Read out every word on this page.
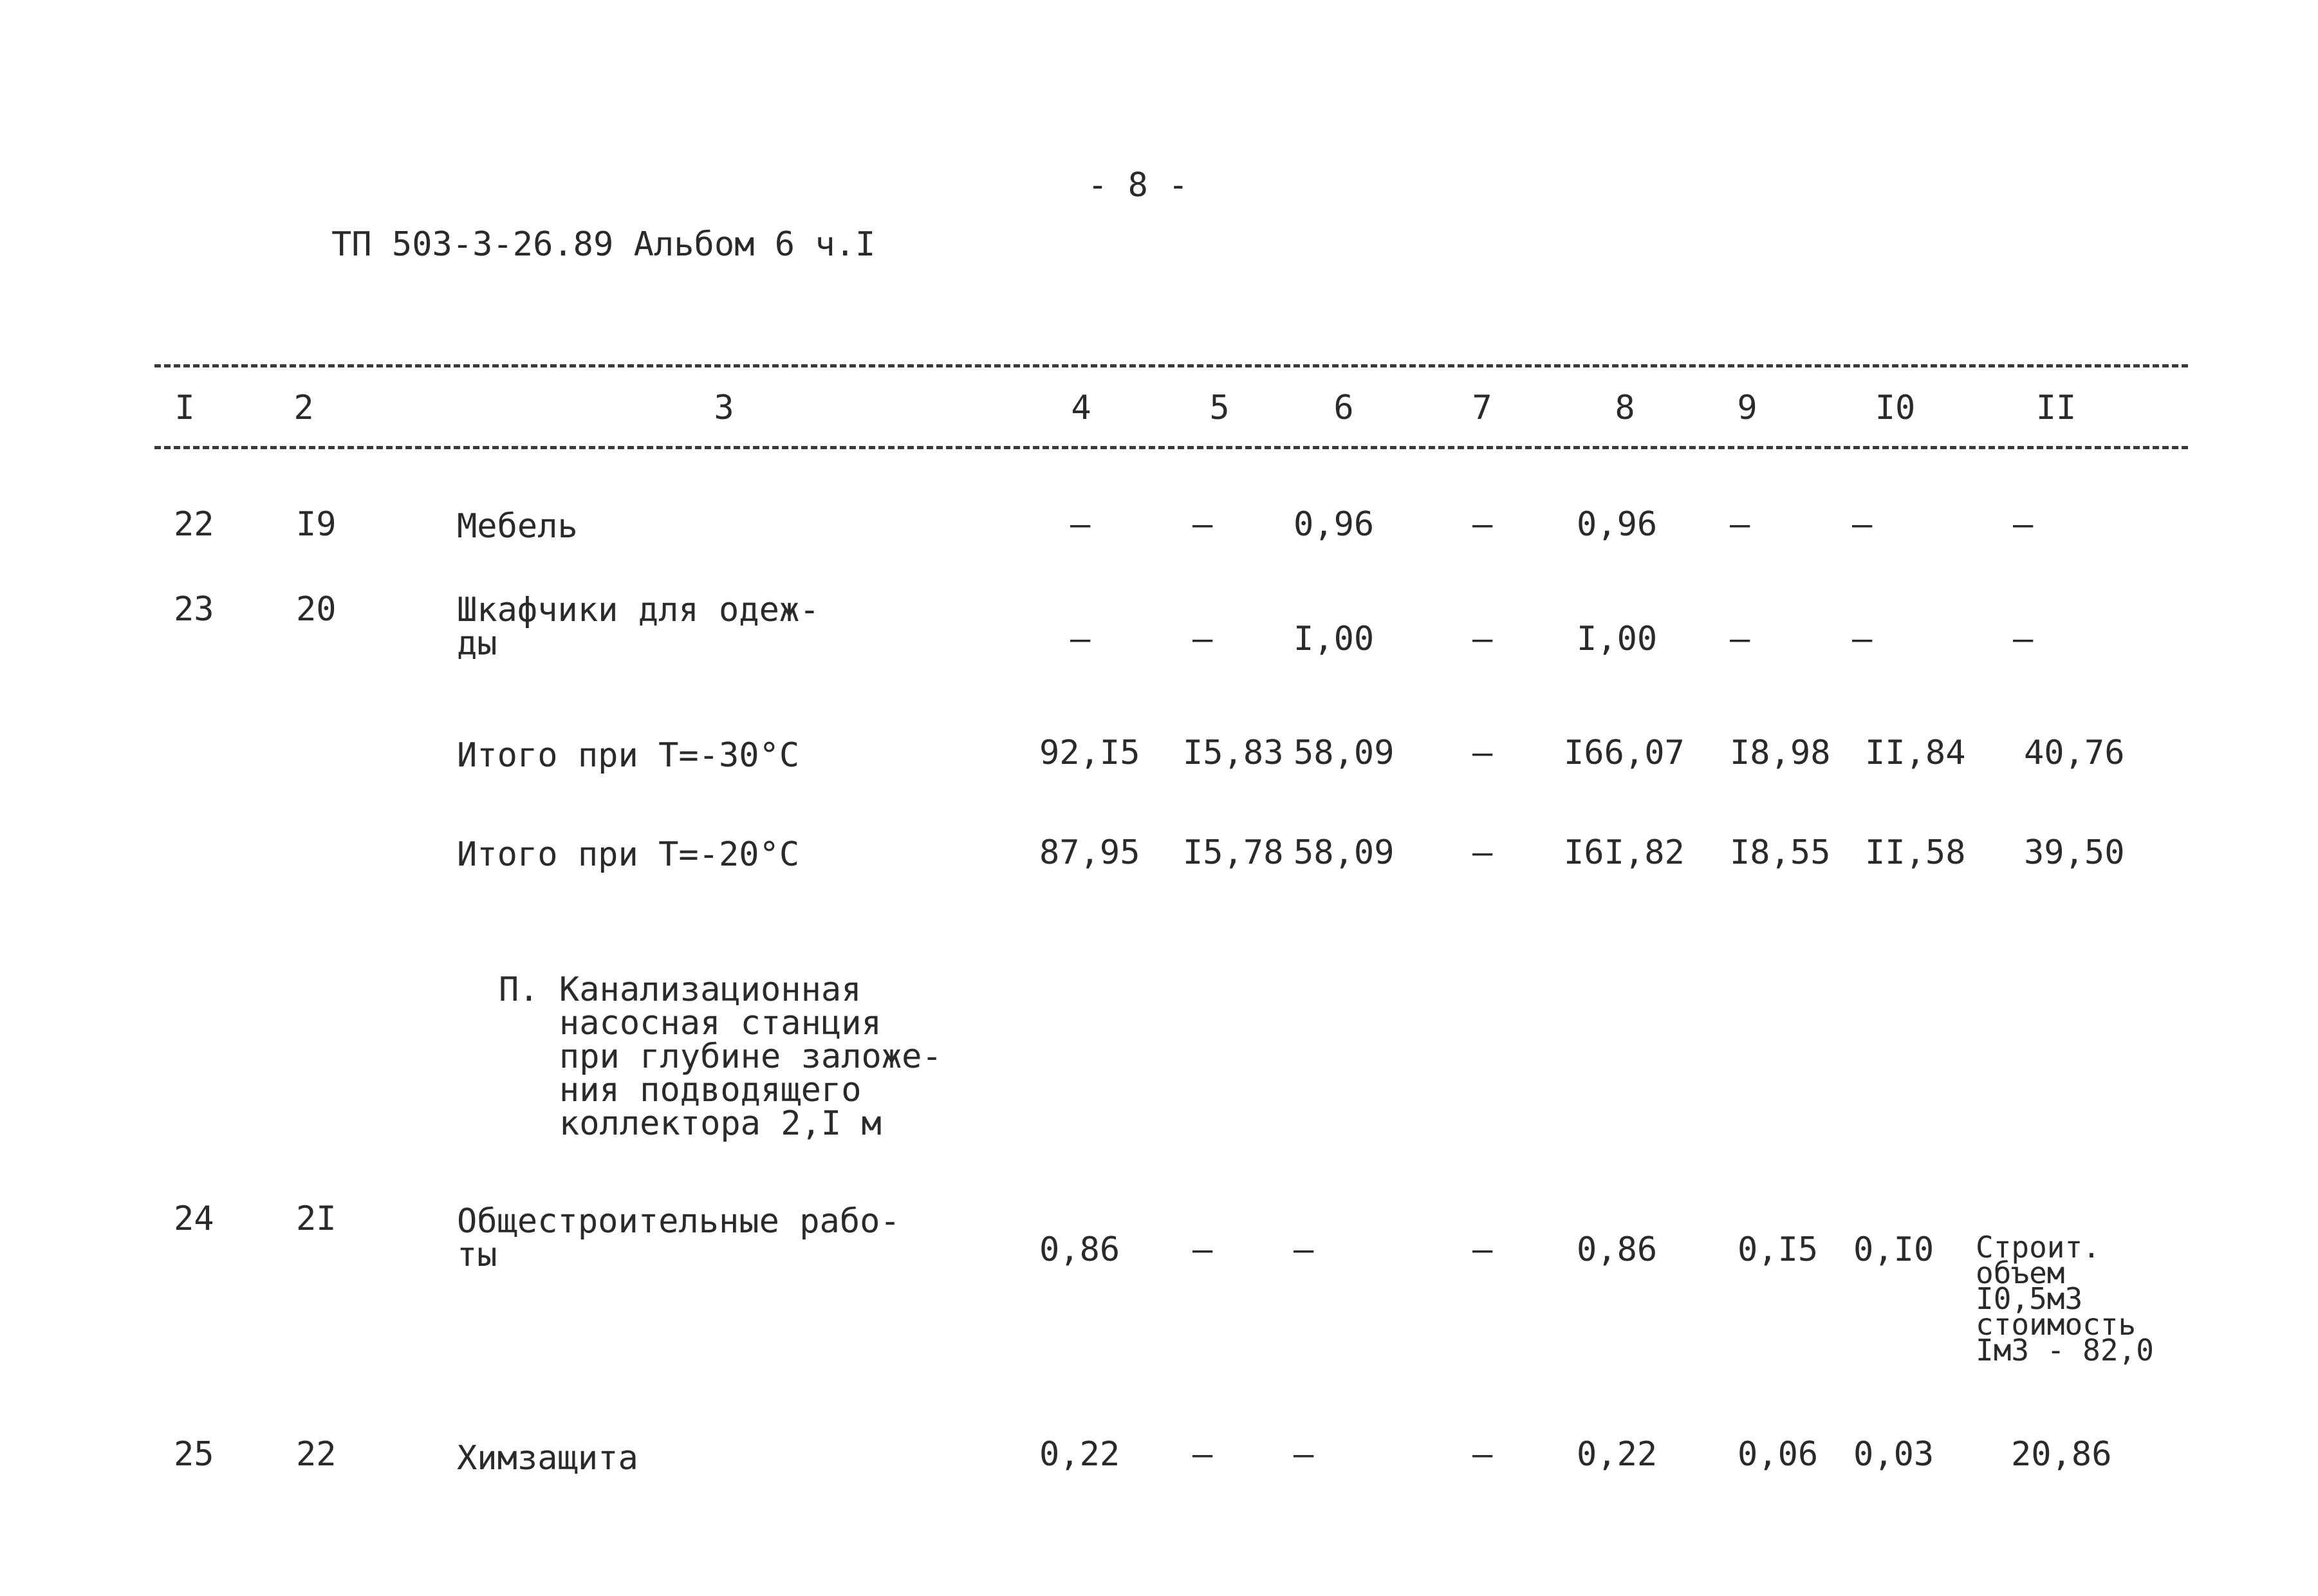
- 8 -
ТП 503-3-26.89 Альбом 6 ч.I
I	2	3	4	5	6	7	8	9	I0	II
22 I9	Мебель	–	– 0,96	–	0,96 –	–	–
23 20	Шкафчики для одеж-
ды	–	– I,00	–	I,00 –	–	–
Итого при Т=-30°С	92,I5 I5,83 58,09 – I66,07 I8,98 II,84 40,76
Итого при Т=-20°С	87,95 I5,78 58,09 – I6I,82 I8,55 II,58 39,50
П. Канализационная
насосная станция
при глубине заложе-
ния подводящего
коллектора 2,I м
24 2I	Общестроительные рабо-
ты	0,86 – –	–	0,86 0,I5 0,I0 Строит.
объем
I0,5м3
стоимость
Iм3 - 82,0
25 22	Химзащита	0,22 – –	–	0,22 0,06 0,03 20,86
